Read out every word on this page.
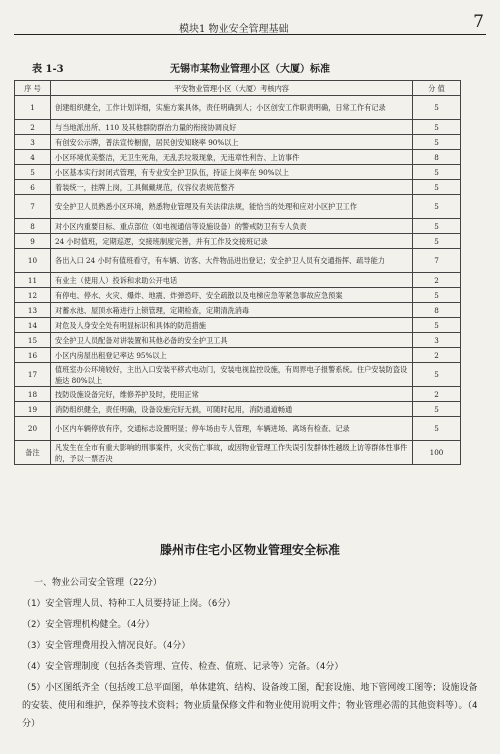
模块1 物业安全管理基础	7
表 1-3	无锡市某物业管理小区（大厦）标准
序 号	平安物业管理小区（大厦）考核内容	分 值
1	创建组织健全，工作计划详细，实施方案具体，责任明确到人；小区创安工作职责明确，日常工作有记录	5
2	与当地派出所、110 及其他群防群治力量的衔接协调良好	5
3	有创安公示牌，普法宣传橱窗，居民创安知晓率 90%以上	5
4	小区环境优美整洁，无卫生死角，无乱丢垃圾现象，无违章性利告、上访事件	8
5	小区基本实行封闭式管理，有专业安全护卫队伍，持证上岗率在 90%以上	5
6	着装统一，挂牌上岗，工具佩戴规范，仪容仪表规范整齐	5
7	安全护卫人员熟悉小区环境，熟悉物业管理及有关法律法规，能恰当的处理和应对小区护卫工作	5
8	对小区内重要目标、重点部位（如电视通信等设施设备）的警戒防卫有专人负责	5
9	24 小时值班，定期巡逻，交接班制度完善，并有工作及交接班记录	5
10	各出入口 24 小时有值班看守，有车辆、访客、大件物品进出登记；安全护卫人员有交通指挥、疏导能力	7
11	有业主（使用人）投诉和求助公开电话	2
12	有停电、停水、火灾、爆炸、地震、炸弹恐吓、安全疏散以及电梯应急等紧急事故应急预案	5
13	对蓄水池、屋顶水箱进行上锁管理，定期检查，定期清洗消毒	8
14	对危及人身安全处有明显标识和具体的防范措施	5
15	安全护卫人员配备对讲装置和其他必备的安全护卫工具	3
16	小区内房屋出租登记率达 95%以上	2
17	值班室办公环境较好，主出入口安装平移式电动门，安装电视监控设施，有周界电子报警系统。住户安装防盗设施达 80%以上	5
18	技防设施设备完好，维修养护及时，使用正常	2
19	消防组织健全，责任明确，设备设施完好无损，可随时起用，消防通道畅通	5
20	小区内车辆停放有序，交通标志设置明显；停车场由专人管理，车辆进场、离场有检查、记录	5
备注	凡发生在全市有重大影响的刑事案件，火灾伤亡事故，或因物业管理工作失误引发群体性越级上访等群体性事件的，予以一票否决	100
滕州市住宅小区物业管理安全标准
一、物业公司安全管理（22分）
（1）安全管理人员、特种工人员要持证上岗。（6分）
（2）安全管理机构健全。（4分）
（3）安全管理费用投入情况良好。（4分）
（4）安全管理制度（包括各类管理、宣传、检查、值班、记录等）完备。（4分）
（5）小区图纸齐全（包括竣工总平面图，单体建筑、结构、设备竣工图，配套设施、地下管网竣工图等；设施设备的安装、使用和维护，保养等技术资料；物业质量保修文件和物业使用说明文件；物业管理必需的其他资料等）。（4分）
